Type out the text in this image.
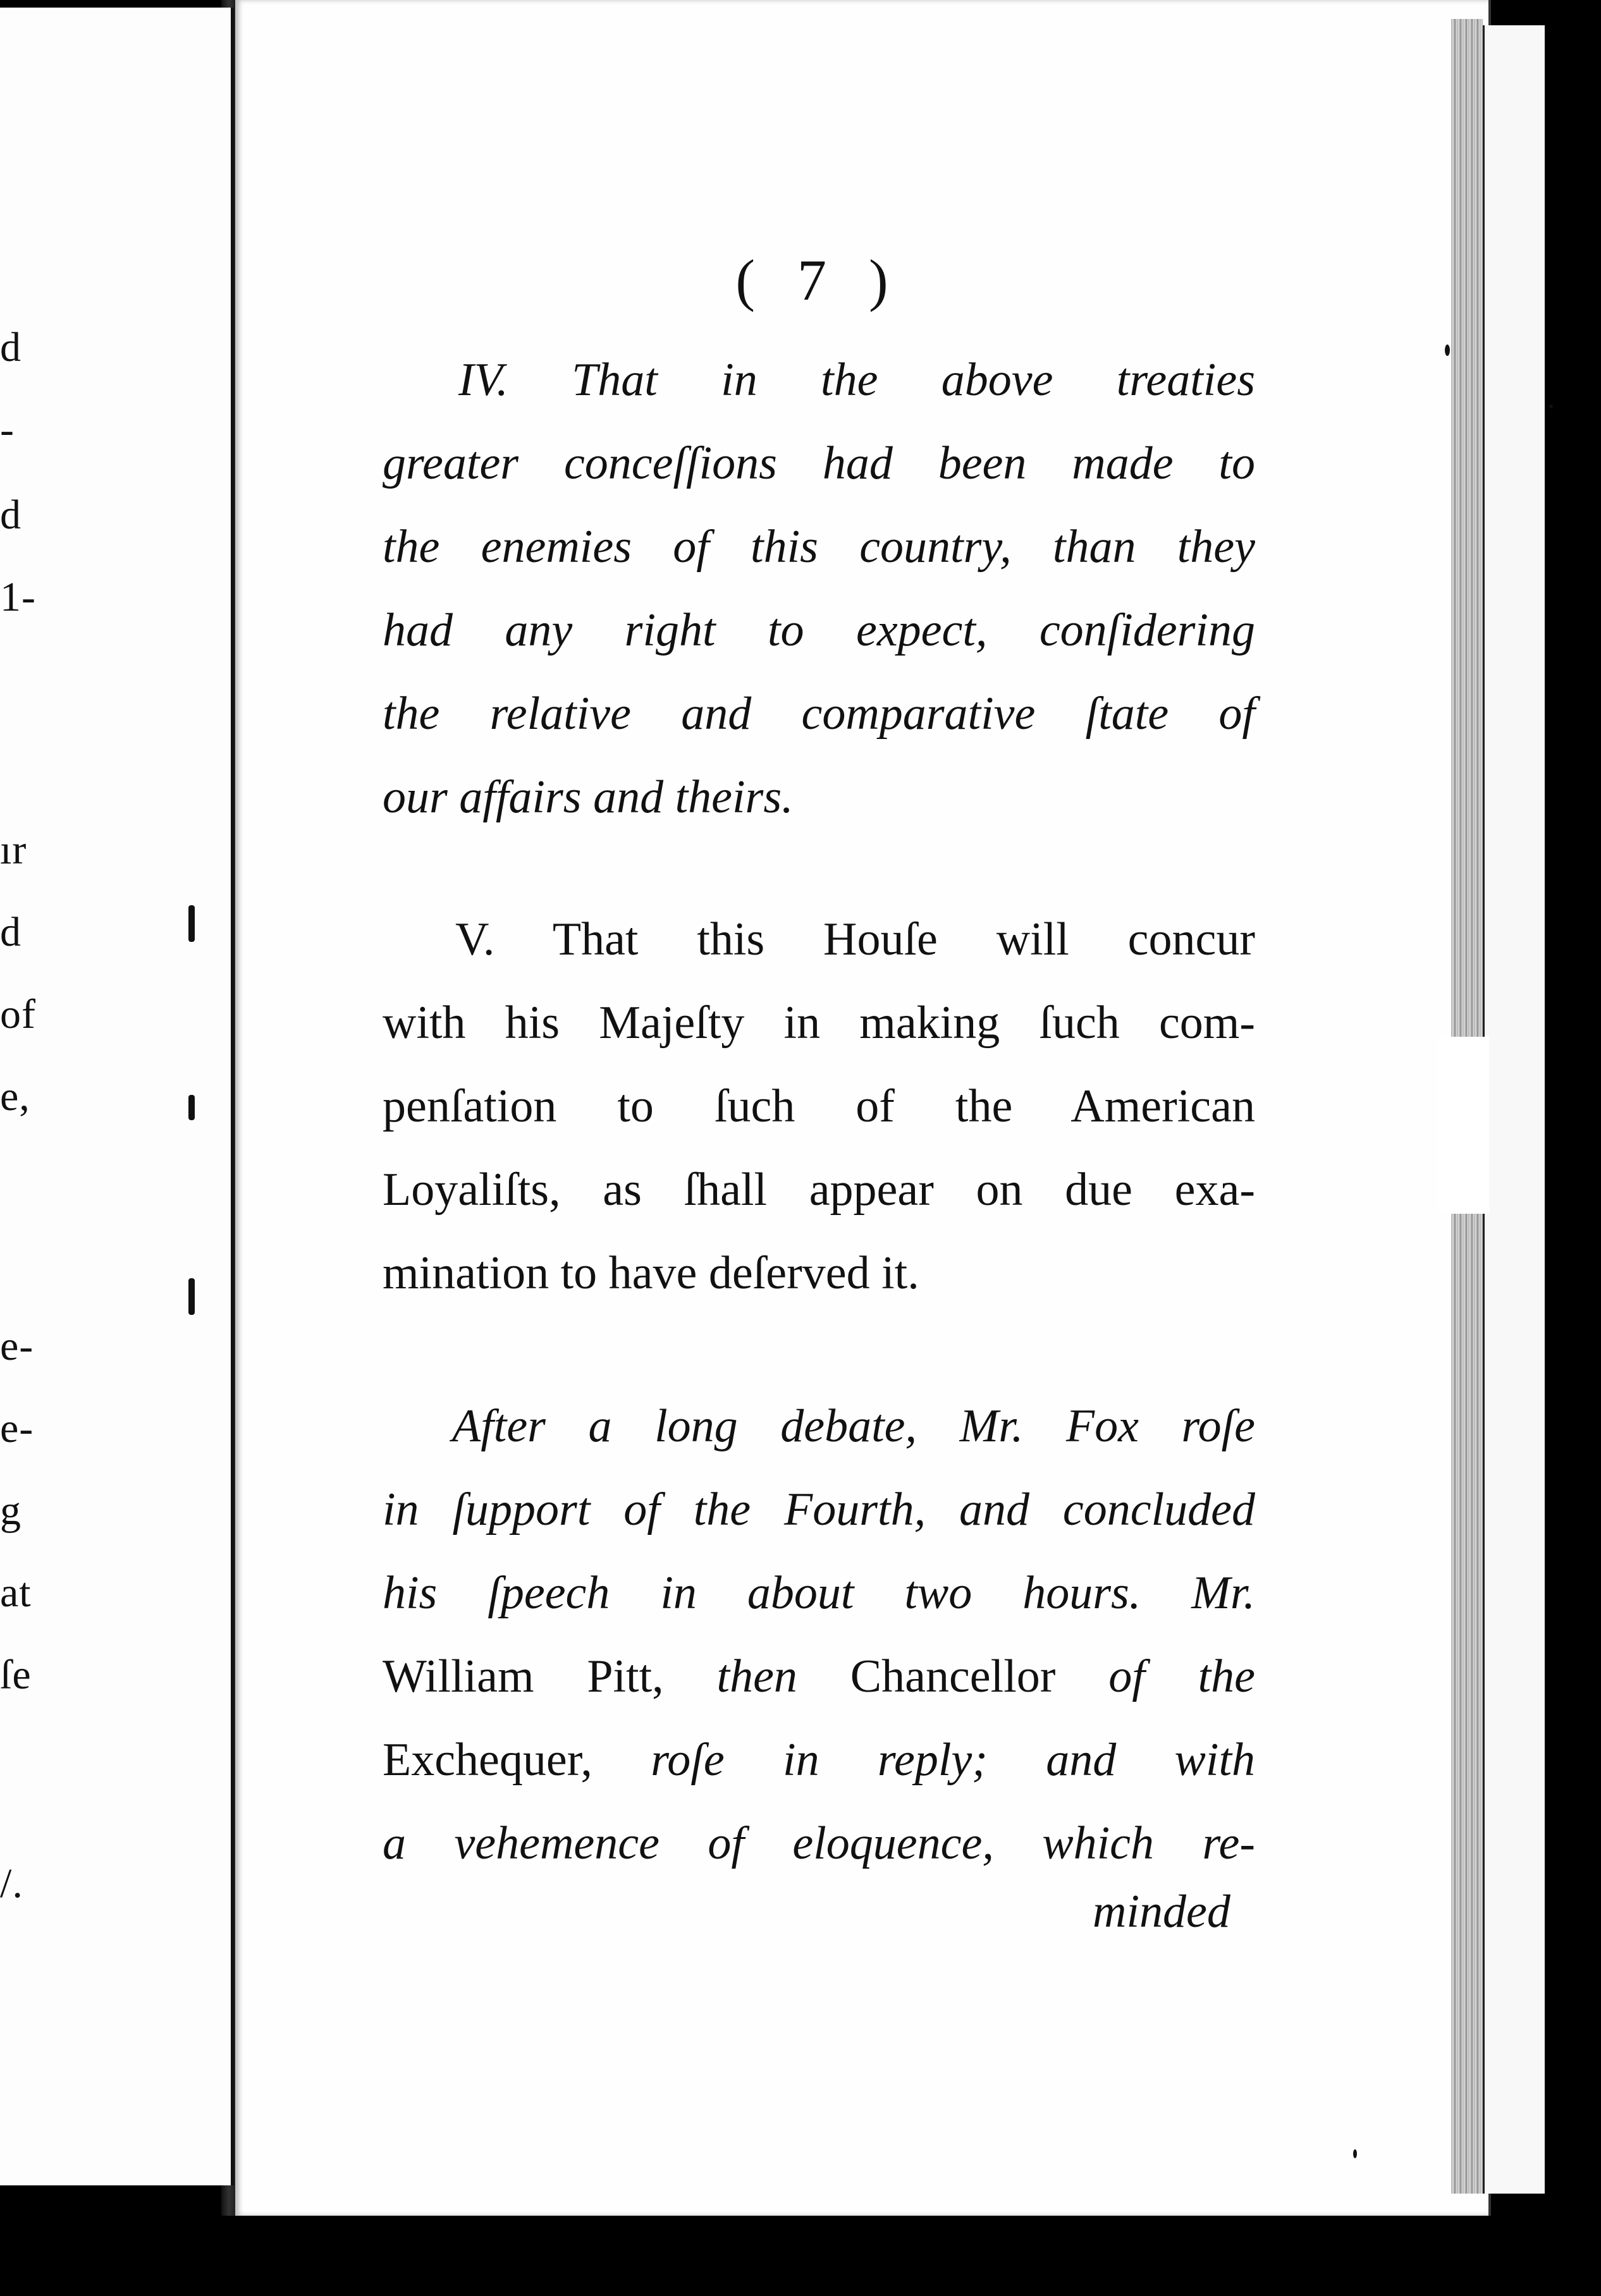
d
-
d
1-
ır
d
of
e,
e-
e-
g
at
ſe
/.
( 7 )
IV. That in the above treaties
greater conceſſions had been made to
the enemies of this country, than they
had any right to expect, conſidering
the relative and comparative ſtate of
our affairs and theirs.
V. That this Houſe will concur
with his Majeſty in making ſuch com-
penſation to ſuch of the American
Loyaliſts, as ſhall appear on due exa-
mination to have deſerved it.
After a long debate, Mr. Fox roſe
in ſupport of the Fourth, and concluded
his ſpeech in about two hours. Mr.
William Pitt, then Chancellor of the
Exchequer, roſe in reply; and with
a vehemence of eloquence, which re-
minded
